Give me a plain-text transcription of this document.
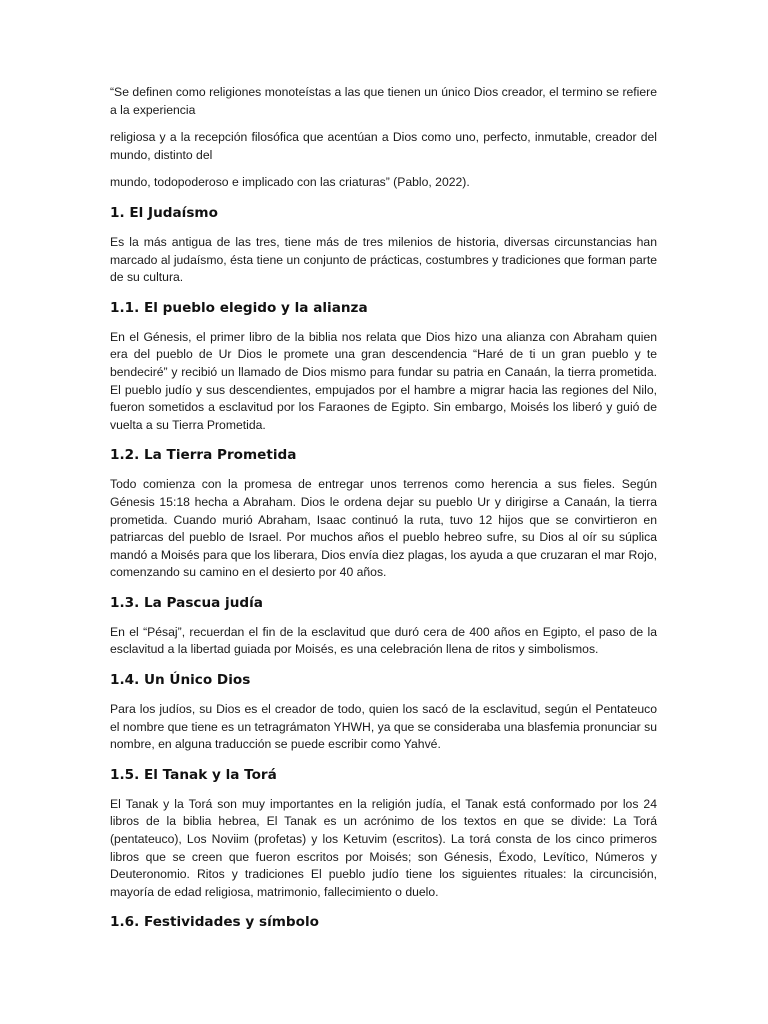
“Se definen como religiones monoteístas a las que tienen un único Dios creador, el termino se refiere a la experiencia

religiosa y a la recepción filosófica que acentúan a Dios como uno, perfecto, inmutable, creador del mundo, distinto del

mundo, todopoderoso e implicado con las criaturas” (Pablo, 2022).

1. El Judaísmo

Es la más antigua de las tres, tiene más de tres milenios de historia, diversas circunstancias han marcado al judaísmo, ésta tiene un conjunto de prácticas, costumbres y tradiciones que forman parte de su cultura.

1.1. El pueblo elegido y la alianza

En el Génesis, el primer libro de la biblia nos relata que Dios hizo una alianza con Abraham quien era del pueblo de Ur Dios le promete una gran descendencia “Haré de ti un gran pueblo y te bendeciré” y recibió un llamado de Dios mismo para fundar su patria en Canaán, la tierra prometida. El pueblo judío y sus descendientes, empujados por el hambre a migrar hacia las regiones del Nilo, fueron sometidos a esclavitud por los Faraones de Egipto. Sin embargo, Moisés los liberó y guió de vuelta a su Tierra Prometida.

1.2. La Tierra Prometida

Todo comienza con la promesa de entregar unos terrenos como herencia a sus fieles. Según Génesis 15:18 hecha a Abraham. Dios le ordena dejar su pueblo Ur y dirigirse a Canaán, la tierra prometida. Cuando murió Abraham, Isaac continuó la ruta, tuvo 12 hijos que se convirtieron en patriarcas del pueblo de Israel. Por muchos años el pueblo hebreo sufre, su Dios al oír su súplica mandó a Moisés para que los liberara, Dios envía diez plagas, los ayuda a que cruzaran el mar Rojo, comenzando su camino en el desierto por 40 años.

1.3. La Pascua judía

En el “Pésaj”, recuerdan el fin de la esclavitud que duró cera de 400 años en Egipto, el paso de la esclavitud a la libertad guiada por Moisés, es una celebración llena de ritos y simbolismos.

1.4. Un Único Dios

Para los judíos, su Dios es el creador de todo, quien los sacó de la esclavitud, según el Pentateuco el nombre que tiene es un tetragrámaton YHWH, ya que se consideraba una blasfemia pronunciar su nombre, en alguna traducción se puede escribir como Yahvé.

1.5. El Tanak y la Torá

El Tanak y la Torá son muy importantes en la religión judía, el Tanak está conformado por los 24 libros de la biblia hebrea, El Tanak es un acrónimo de los textos en que se divide: La Torá (pentateuco), Los Noviim (profetas) y los Ketuvim (escritos). La torá consta de los cinco primeros libros que se creen que fueron escritos por Moisés; son Génesis, Éxodo, Levítico, Números y Deuteronomio. Ritos y tradiciones El pueblo judío tiene los siguientes rituales: la circuncisión, mayoría de edad religiosa, matrimonio, fallecimiento o duelo.

1.6. Festividades y símbolo
